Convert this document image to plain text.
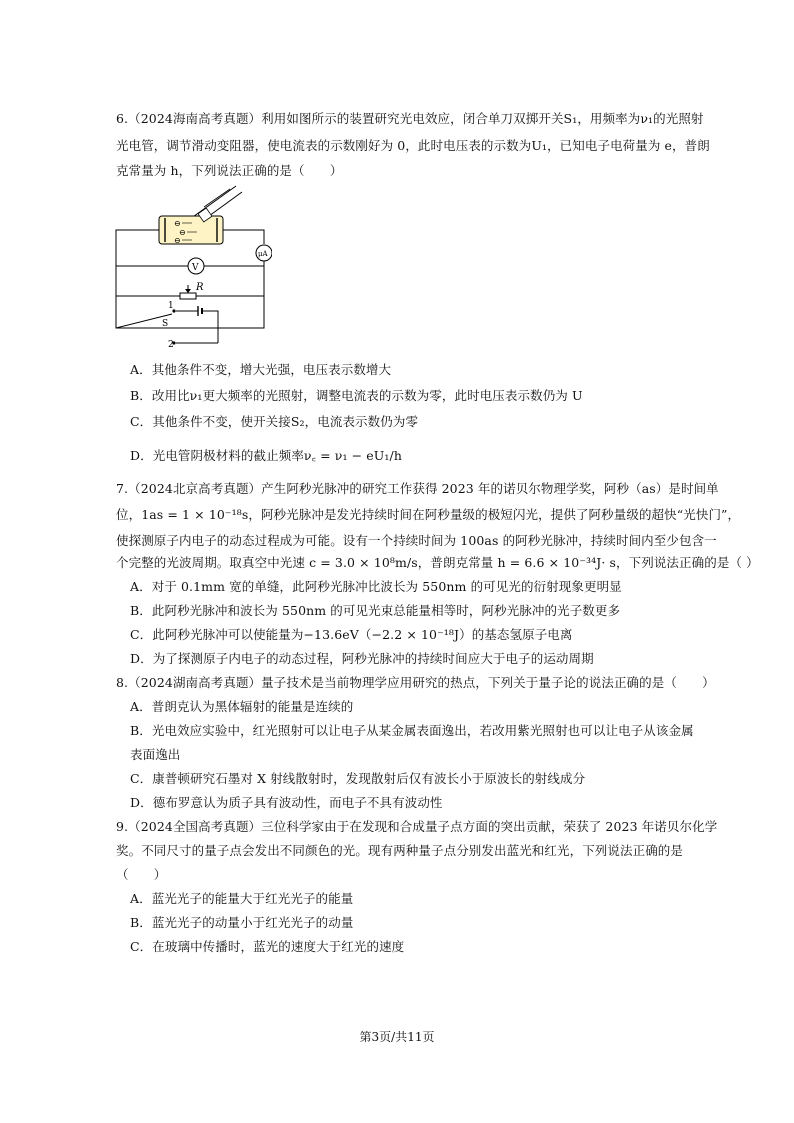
6.（2024海南高考真题）利用如图所示的装置研究光电效应，闭合单刀双掷开关S₁，用频率为ν₁的光照射
光电管，调节滑动变阻器，使电流表的示数刚好为 0，此时电压表的示数为U₁，已知电子电荷量为 e，普朗
克常量为 h，下列说法正确的是（　　）
⊖
⊖
⊖
μA
V
R
1
2
S
A．其他条件不变，增大光强，电压表示数增大
B．改用比ν₁更大频率的光照射，调整电流表的示数为零，此时电压表示数仍为 U
C．其他条件不变，使开关接S₂，电流表示数仍为零
D．光电管阴极材料的截止频率ν꜀ = ν₁ − eU₁/h
7.（2024北京高考真题）产生阿秒光脉冲的研究工作获得 2023 年的诺贝尔物理学奖，阿秒（as）是时间单
位，1as = 1 × 10⁻¹⁸s，阿秒光脉冲是发光持续时间在阿秒量级的极短闪光，提供了阿秒量级的超快“光快门”，
使探测原子内电子的动态过程成为可能。设有一个持续时间为 100as 的阿秒光脉冲，持续时间内至少包含一
个完整的光波周期。取真空中光速 c = 3.0 × 10⁸m/s，普朗克常量 h = 6.6 × 10⁻³⁴J· s，下列说法正确的是（ ）
A．对于 0.1mm 宽的单缝，此阿秒光脉冲比波长为 550nm 的可见光的衍射现象更明显
B．此阿秒光脉冲和波长为 550nm 的可见光束总能量相等时，阿秒光脉冲的光子数更多
C．此阿秒光脉冲可以使能量为−13.6eV（−2.2 × 10⁻¹⁸J）的基态氢原子电离
D．为了探测原子内电子的动态过程，阿秒光脉冲的持续时间应大于电子的运动周期
8.（2024湖南高考真题）量子技术是当前物理学应用研究的热点，下列关于量子论的说法正确的是（　　）
A．普朗克认为黑体辐射的能量是连续的
B．光电效应实验中，红光照射可以让电子从某金属表面逸出，若改用紫光照射也可以让电子从该金属
表面逸出
C．康普顿研究石墨对 X 射线散射时，发现散射后仅有波长小于原波长的射线成分
D．德布罗意认为质子具有波动性，而电子不具有波动性
9.（2024全国高考真题）三位科学家由于在发现和合成量子点方面的突出贡献，荣获了 2023 年诺贝尔化学
奖。不同尺寸的量子点会发出不同颜色的光。现有两种量子点分别发出蓝光和红光，下列说法正确的是
（　　）
A．蓝光光子的能量大于红光光子的能量
B．蓝光光子的动量小于红光光子的动量
C．在玻璃中传播时，蓝光的速度大于红光的速度
第3页/共11页
